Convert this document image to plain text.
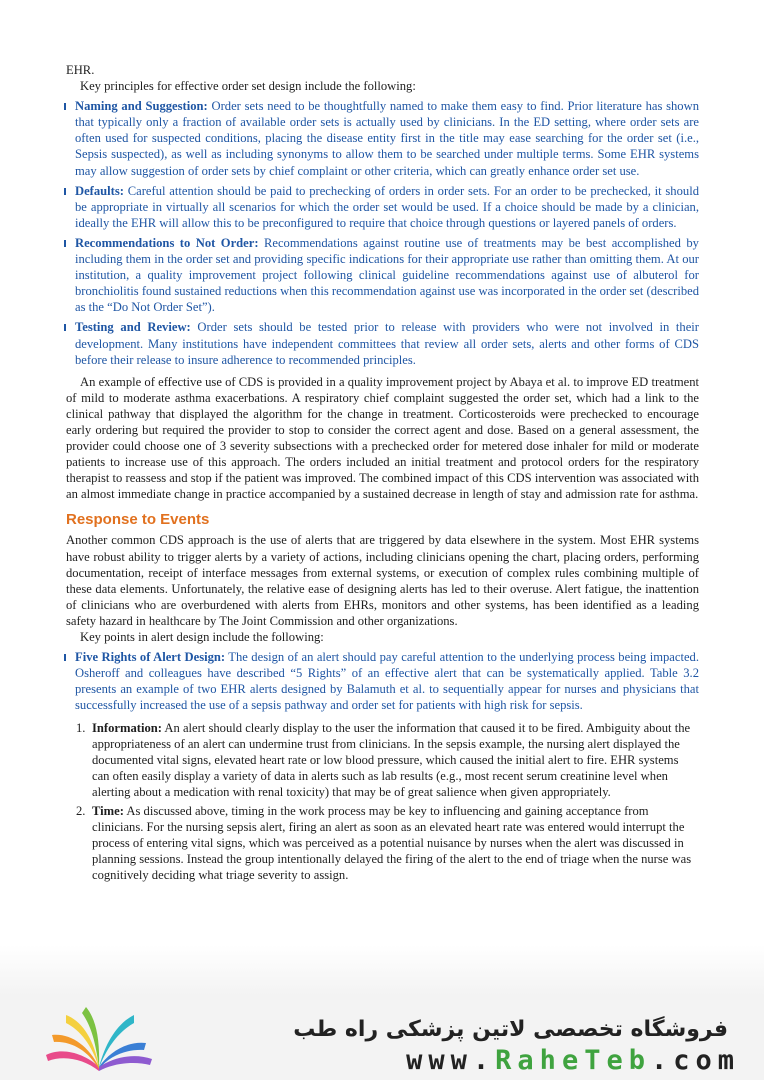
EHR.

Key principles for effective order set design include the following:

Naming and Suggestion: Order sets need to be thoughtfully named to make them easy to find. Prior literature has shown that typically only a fraction of available order sets is actually used by clinicians. In the ED setting, where order sets are often used for suspected conditions, placing the disease entity first in the title may ease searching for the order set (i.e., Sepsis suspected), as well as including synonyms to allow them to be searched under multiple terms. Some EHR systems may allow suggestion of order sets by chief complaint or other criteria, which can greatly enhance order set use.
Defaults: Careful attention should be paid to prechecking of orders in order sets. For an order to be prechecked, it should be appropriate in virtually all scenarios for which the order set would be used. If a choice should be made by a clinician, ideally the EHR will allow this to be preconfigured to require that choice through questions or layered panels of orders.
Recommendations to Not Order: Recommendations against routine use of treatments may be best accomplished by including them in the order set and providing specific indications for their appropriate use rather than omitting them. At our institution, a quality improvement project following clinical guideline recommendations against use of albuterol for bronchiolitis found sustained reductions when this recommendation against use was incorporated in the order set (described as the “Do Not Order Set”).
Testing and Review: Order sets should be tested prior to release with providers who were not involved in their development. Many institutions have independent committees that review all order sets, alerts and other forms of CDS before their release to insure adherence to recommended principles.

An example of effective use of CDS is provided in a quality improvement project by Abaya et al. to improve ED treatment of mild to moderate asthma exacerbations. A respiratory chief complaint suggested the order set, which had a link to the clinical pathway that displayed the algorithm for the change in treatment. Corticosteroids were prechecked to encourage early ordering but required the provider to stop to consider the correct agent and dose. Based on a general assessment, the provider could choose one of 3 severity subsections with a prechecked order for metered dose inhaler for mild or moderate patients to increase use of this approach. The orders included an initial treatment and protocol orders for the respiratory therapist to reassess and stop if the patient was improved. The combined impact of this CDS intervention was associated with an almost immediate change in practice accompanied by a sustained decrease in length of stay and admission rate for asthma.

Response to Events

Another common CDS approach is the use of alerts that are triggered by data elsewhere in the system. Most EHR systems have robust ability to trigger alerts by a variety of actions, including clinicians opening the chart, placing orders, performing documentation, receipt of interface messages from external systems, or execution of complex rules combining multiple of these data elements. Unfortunately, the relative ease of designing alerts has led to their overuse. Alert fatigue, the inattention of clinicians who are overburdened with alerts from EHRs, monitors and other systems, has been identified as a leading safety hazard in healthcare by The Joint Commission and other organizations.

Key points in alert design include the following:

Five Rights of Alert Design: The design of an alert should pay careful attention to the underlying process being impacted. Osheroff and colleagues have described “5 Rights” of an effective alert that can be systematically applied. Table 3.2 presents an example of two EHR alerts designed by Balamuth et al. to sequentially appear for nurses and physicians that successfully increased the use of a sepsis pathway and order set for patients with high risk for sepsis.
1. Information: An alert should clearly display to the user the information that caused it to be fired. Ambiguity about the appropriateness of an alert can undermine trust from clinicians. In the sepsis example, the nursing alert displayed the documented vital signs, elevated heart rate or low blood pressure, which caused the initial alert to fire. EHR systems can often easily display a variety of data in alerts such as lab results (e.g., most recent serum creatinine level when alerting about a medication with renal toxicity) that may be of great salience when given appropriately.
2. Time: As discussed above, timing in the work process may be key to influencing and gaining acceptance from clinicians. For the nursing sepsis alert, firing an alert as soon as an elevated heart rate was entered would interrupt the process of entering vital signs, which was perceived as a potential nuisance by nurses when the alert was discussed in planning sessions. Instead the group intentionally delayed the firing of the alert to the end of triage when the nurse was cognitively deciding what triage severity to assign.
فروشگاه تخصصی لاتین پزشکی راه طب
www.RaheTeb.com
